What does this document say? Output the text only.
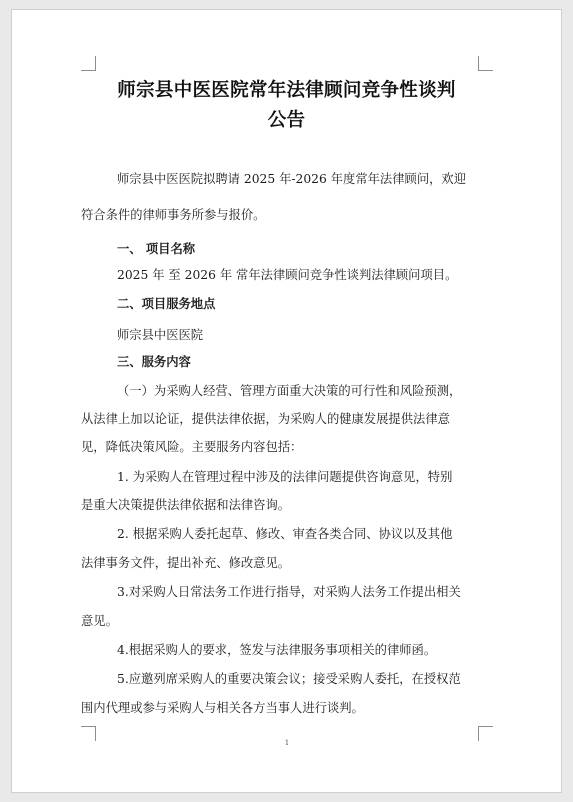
师宗县中医医院常年法律顾问竞争性谈判
公告

师宗县中医医院拟聘请 2025 年-2026 年度常年法律顾问，欢迎

符合条件的律师事务所参与报价。

一、 项目名称

2025 年 至 2026 年 常年法律顾问竞争性谈判法律顾问项目。

二、项目服务地点

师宗县中医医院

三、服务内容

（一）为采购人经营、管理方面重大决策的可行性和风险预测，

从法律上加以论证，提供法律依据，为采购人的健康发展提供法律意

见，降低决策风险。主要服务内容包括：

1. 为采购人在管理过程中涉及的法律问题提供咨询意见，特别

是重大决策提供法律依据和法律咨询。

2. 根据采购人委托起草、修改、审查各类合同、协议以及其他

法律事务文件，提出补充、修改意见。

3.对采购人日常法务工作进行指导，对采购人法务工作提出相关

意见。

4.根据采购人的要求，签发与法律服务事项相关的律师函。

5.应邀列席采购人的重要决策会议；接受采购人委托，在授权范

围内代理或参与采购人与相关各方当事人进行谈判。

1
